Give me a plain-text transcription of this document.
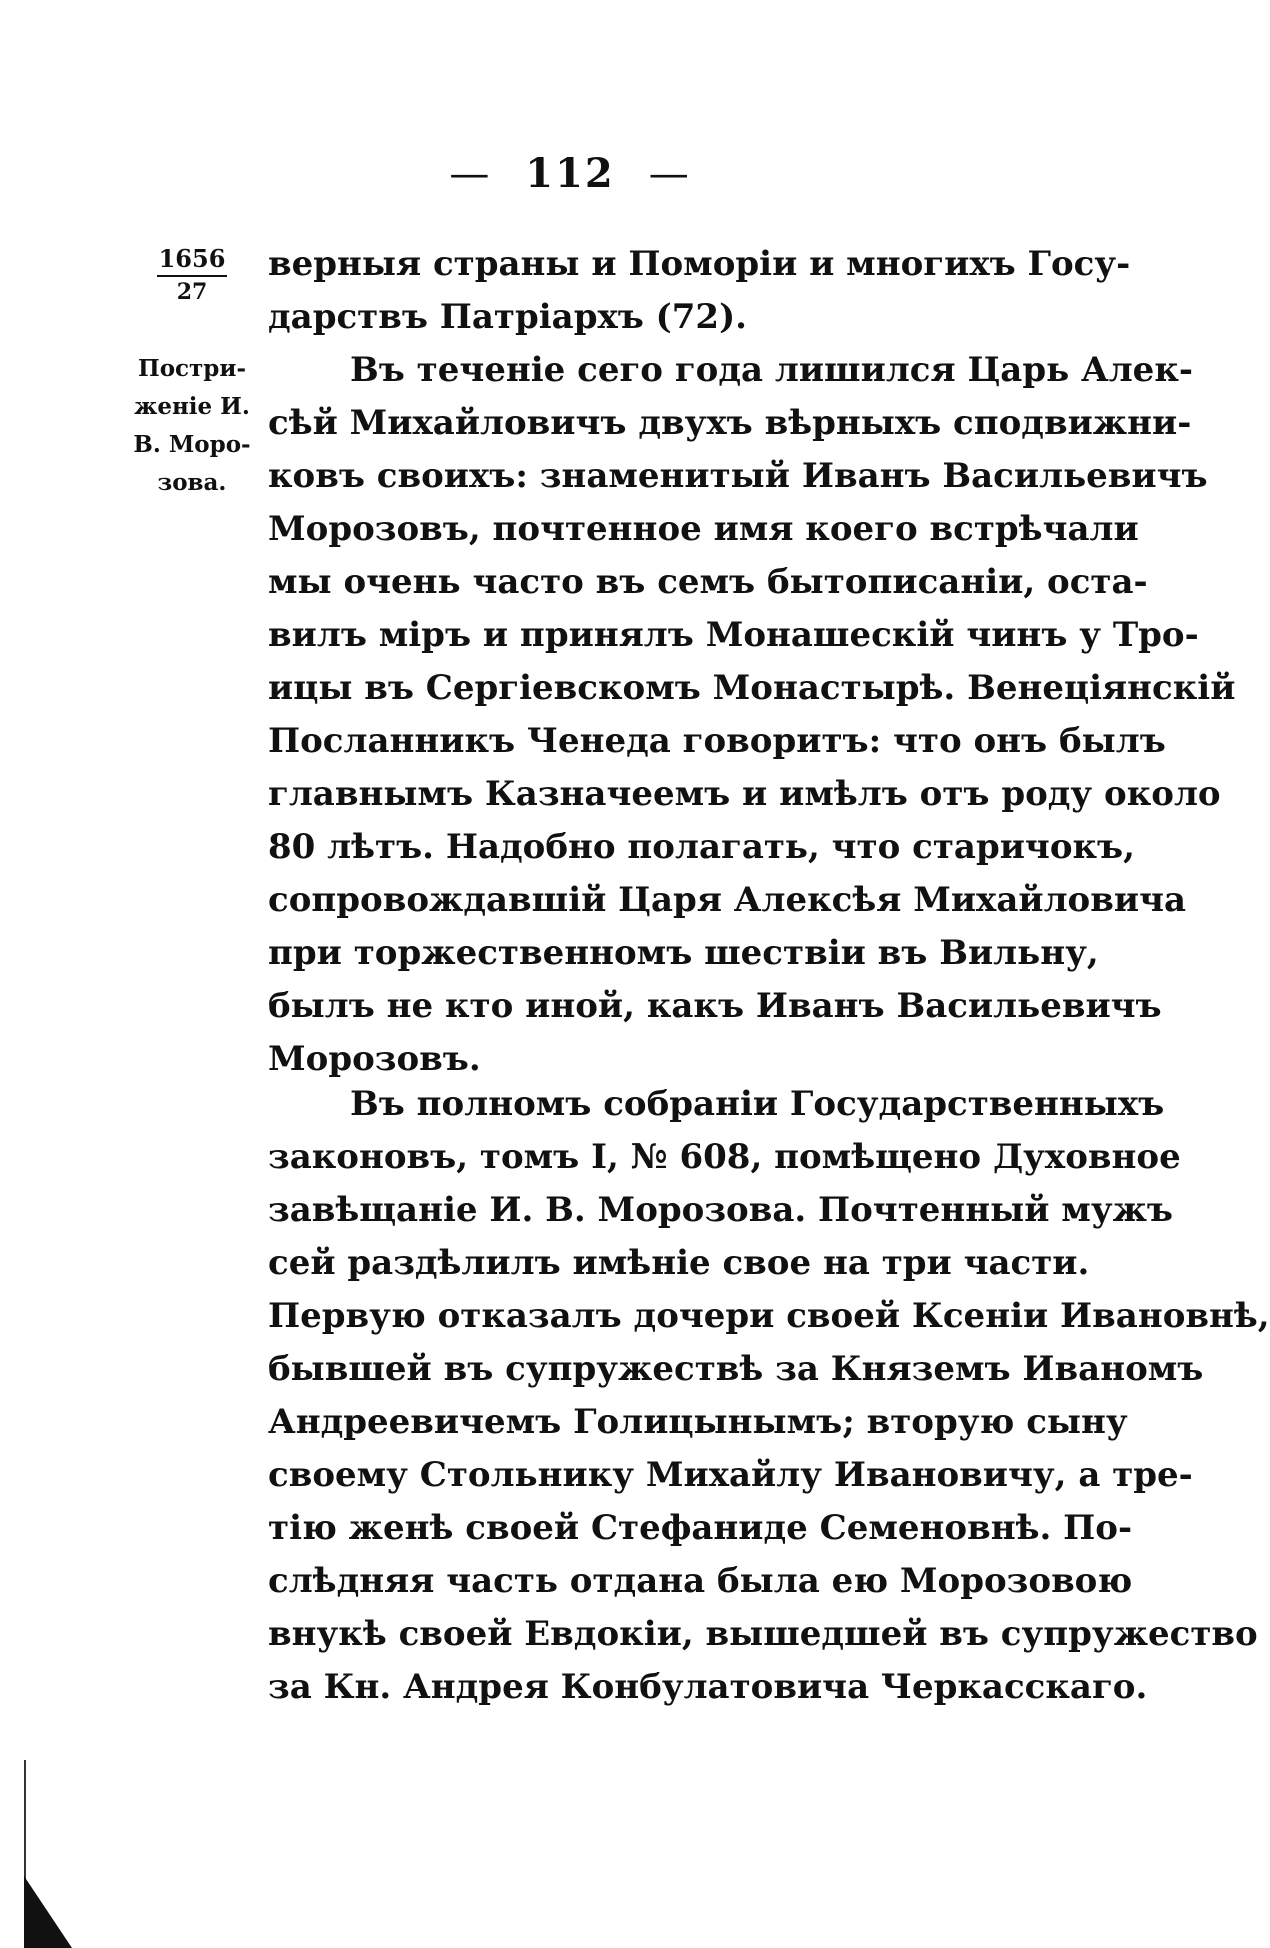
— 112 —
1656
27
Постри-
женіе И.
В. Моро-
зова.
верныя страны и Поморіи и многихъ Госу-
дарствъ Патріархъ (72).
Въ теченіе сего года лишился Царь Алек-
сѣй Михайловичъ двухъ вѣрныхъ сподвижни-
ковъ своихъ: знаменитый Иванъ Васильевичъ
Морозовъ, почтенное имя коего встрѣчали
мы очень часто въ семъ бытописаніи, оста-
вилъ міръ и принялъ Монашескій чинъ у Тро-
ицы въ Сергіевскомъ Монастырѣ. Венеціянскій
Посланникъ Ченеда говоритъ: что онъ былъ
главнымъ Казначеемъ и имѣлъ отъ роду около
80 лѣтъ. Надобно полагать, что старичокъ,
сопровождавшій Царя Алексѣя Михайловича
при торжественномъ шествіи въ Вильну,
былъ не кто иной, какъ Иванъ Васильевичъ
Морозовъ.
Въ полномъ собраніи Государственныхъ
законовъ, томъ I, № 608, помѣщено Духовное
завѣщаніе И. В. Морозова. Почтенный мужъ
сей раздѣлилъ имѣніе свое на три части.
Первую отказалъ дочери своей Ксеніи Ивановнѣ,
бывшей въ супружествѣ за Княземъ Иваномъ
Андреевичемъ Голицынымъ; вторую сыну
своему Стольнику Михайлу Ивановичу, а тре-
тію женѣ своей Стефаниде Семеновнѣ. По-
слѣдняя часть отдана была ею Морозовою
внукѣ своей Евдокіи, вышедшей въ супружество
за Кн. Андрея Конбулатовича Черкасскаго.
